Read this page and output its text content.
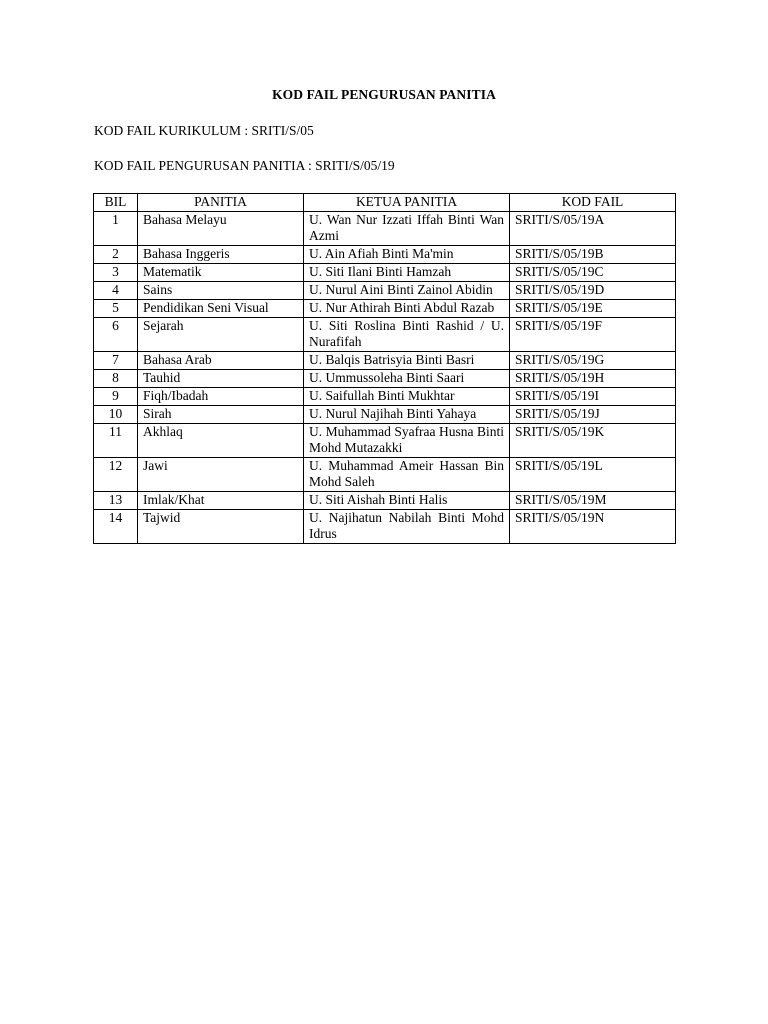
KOD FAIL PENGURUSAN PANITIA
KOD FAIL KURIKULUM : SRITI/S/05
KOD FAIL PENGURUSAN PANITIA : SRITI/S/05/19
BIL	PANITIA	KETUA PANITIA	KOD FAIL
1	Bahasa Melayu	U. Wan Nur Izzati Iffah Binti Wan Azmi	SRITI/S/05/19A
2	Bahasa Inggeris	U. Ain Afiah Binti Ma'min	SRITI/S/05/19B
3	Matematik	U. Siti Ilani Binti Hamzah	SRITI/S/05/19C
4	Sains	U. Nurul Aini Binti Zainol Abidin	SRITI/S/05/19D
5	Pendidikan Seni Visual	U. Nur Athirah Binti Abdul Razab	SRITI/S/05/19E
6	Sejarah	U. Siti Roslina Binti Rashid / U. Nurafifah	SRITI/S/05/19F
7	Bahasa Arab	U. Balqis Batrisyia Binti Basri	SRITI/S/05/19G
8	Tauhid	U. Ummussoleha Binti Saari	SRITI/S/05/19H
9	Fiqh/Ibadah	U. Saifullah Binti Mukhtar	SRITI/S/05/19I
10	Sirah	U. Nurul Najihah Binti Yahaya	SRITI/S/05/19J
11	Akhlaq	U. Muhammad Syafraa Husna Binti Mohd Mutazakki	SRITI/S/05/19K
12	Jawi	U. Muhammad Ameir Hassan Bin Mohd Saleh	SRITI/S/05/19L
13	Imlak/Khat	U. Siti Aishah Binti Halis	SRITI/S/05/19M
14	Tajwid	U. Najihatun Nabilah Binti Mohd Idrus	SRITI/S/05/19N
